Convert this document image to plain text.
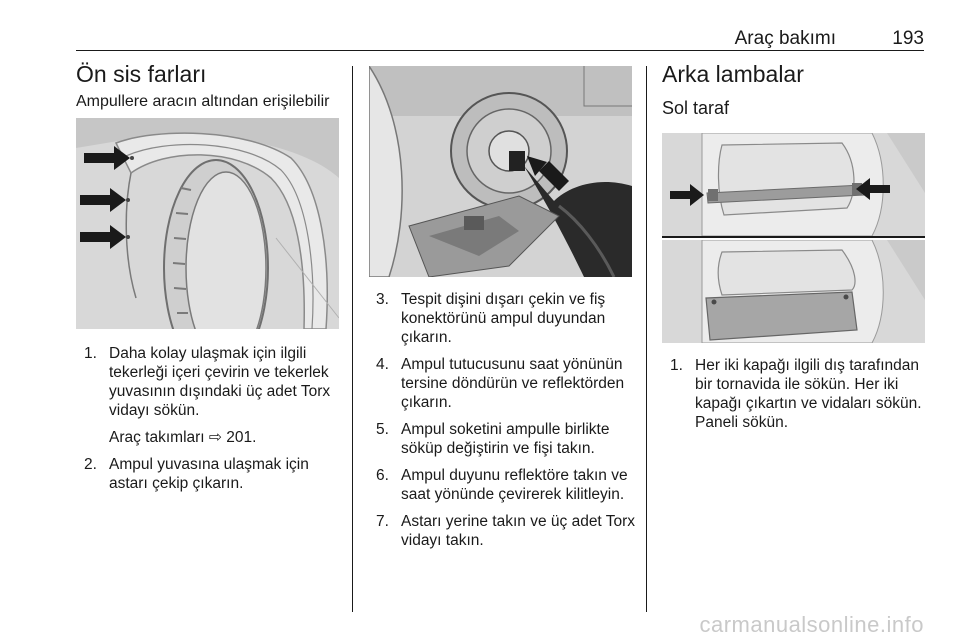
Araç bakımı	193
Ön sis farları
Ampullere aracın altından erişilebilir
1. Daha kolay ulaşmak için ilgili tekerleği içeri çevirin ve tekerlek yuvasının dışındaki üç adet Torx vidayı sökün.
Araç takımları ⇨ 201.
2. Ampul yuvasına ulaşmak için astarı çekip çıkarın.
3. Tespit dişini dışarı çekin ve fiş konektörünü ampul duyundan çıkarın.
4. Ampul tutucusunu saat yönünün tersine döndürün ve reflektörden çıkarın.
5. Ampul soketini ampulle birlikte söküp değiştirin ve fişi takın.
6. Ampul duyunu reflektöre takın ve saat yönünde çevirerek kilitleyin.
7. Astarı yerine takın ve üç adet Torx vidayı takın.
Arka lambalar
Sol taraf
1. Her iki kapağı ilgili dış tarafından bir tornavida ile sökün. Her iki kapağı çıkartın ve vidaları sökün. Paneli sökün.
carmanualsonline.info
